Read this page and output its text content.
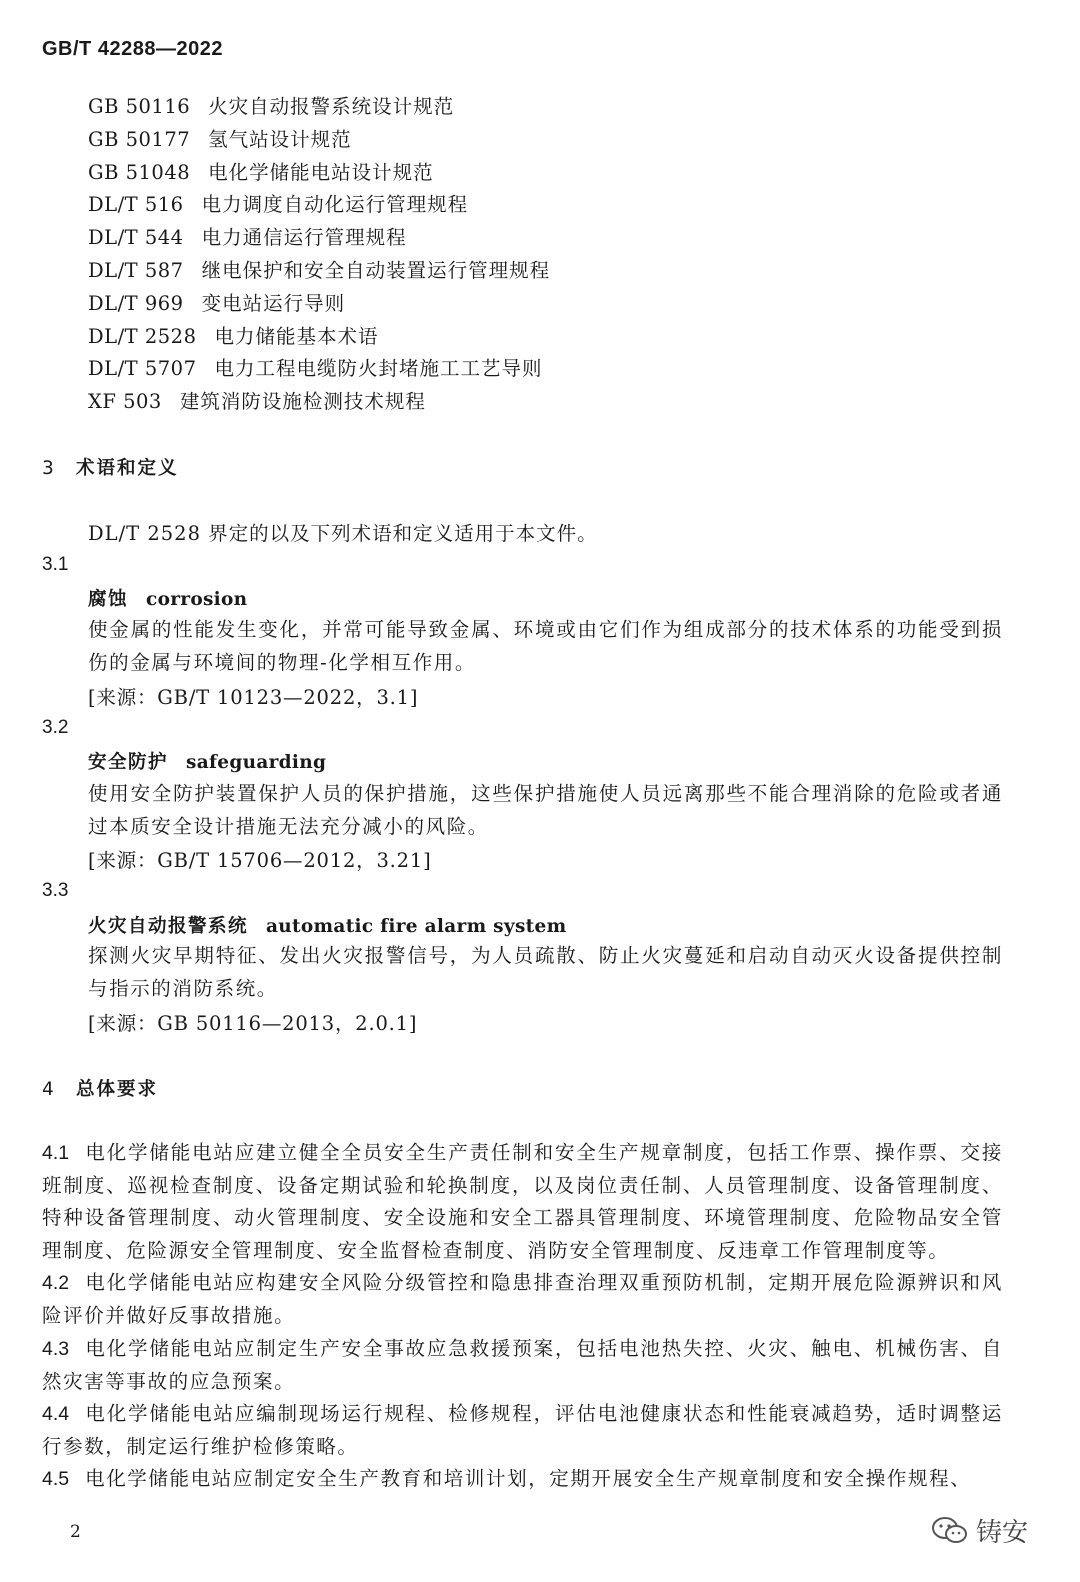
GB/T 42288—2022
GB 50116 火灾自动报警系统设计规范
GB 50177 氢气站设计规范
GB 51048 电化学储能电站设计规范
DL/T 516 电力调度自动化运行管理规程
DL/T 544 电力通信运行管理规程
DL/T 587 继电保护和安全自动装置运行管理规程
DL/T 969 变电站运行导则
DL/T 2528 电力储能基本术语
DL/T 5707 电力工程电缆防火封堵施工工艺导则
XF 503 建筑消防设施检测技术规程
3 术语和定义
DL/T 2528 界定的以及下列术语和定义适用于本文件。
3.1
腐蚀 corrosion
使金属的性能发生变化，并常可能导致金属、环境或由它们作为组成部分的技术体系的功能受到损伤的金属与环境间的物理-化学相互作用。
[来源：GB/T 10123—2022，3.1]
3.2
安全防护 safeguarding
使用安全防护装置保护人员的保护措施，这些保护措施使人员远离那些不能合理消除的危险或者通过本质安全设计措施无法充分减小的风险。
[来源：GB/T 15706—2012，3.21]
3.3
火灾自动报警系统 automatic fire alarm system
探测火灾早期特征、发出火灾报警信号，为人员疏散、防止火灾蔓延和启动自动灭火设备提供控制与指示的消防系统。
[来源：GB 50116—2013，2.0.1]
4 总体要求
4.1 电化学储能电站应建立健全全员安全生产责任制和安全生产规章制度，包括工作票、操作票、交接班制度、巡视检查制度、设备定期试验和轮换制度，以及岗位责任制、人员管理制度、设备管理制度、特种设备管理制度、动火管理制度、安全设施和安全工器具管理制度、环境管理制度、危险物品安全管理制度、危险源安全管理制度、安全监督检查制度、消防安全管理制度、反违章工作管理制度等。
4.2 电化学储能电站应构建安全风险分级管控和隐患排查治理双重预防机制，定期开展危险源辨识和风险评价并做好反事故措施。
4.3 电化学储能电站应制定生产安全事故应急救援预案，包括电池热失控、火灾、触电、机械伤害、自然灾害等事故的应急预案。
4.4 电化学储能电站应编制现场运行规程、检修规程，评估电池健康状态和性能衰减趋势，适时调整运行参数，制定运行维护检修策略。
4.5 电化学储能电站应制定安全生产教育和培训计划，定期开展安全生产规章制度和安全操作规程、
2	铸安
